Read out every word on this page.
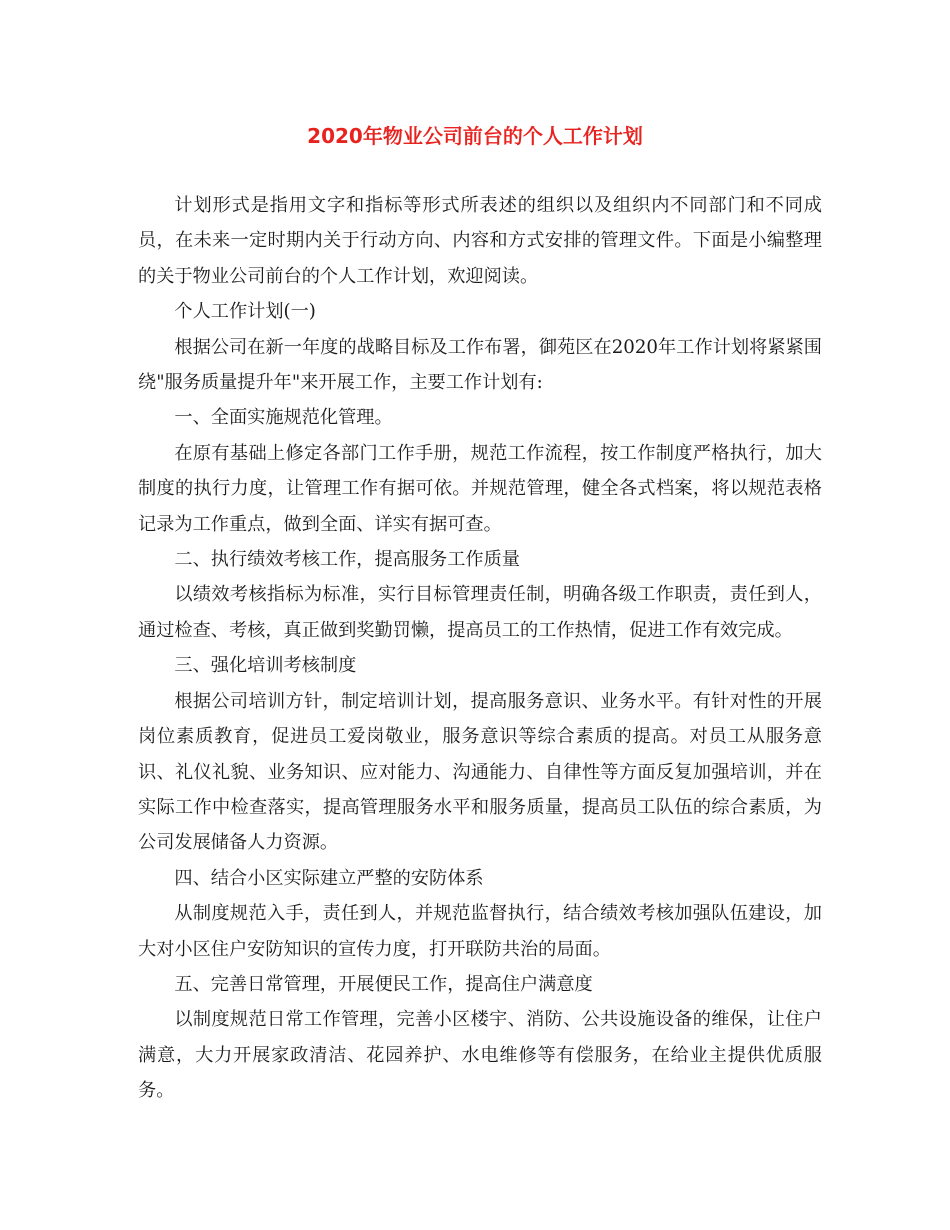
2020年物业公司前台的个人工作计划

计划形式是指用文字和指标等形式所表述的组织以及组织内不同部门和不同成员，在未来一定时期内关于行动方向、内容和方式安排的管理文件。下面是小编整理的关于物业公司前台的个人工作计划，欢迎阅读。

个人工作计划(一)

根据公司在新一年度的战略目标及工作布署，御苑区在2020年工作计划将紧紧围绕"服务质量提升年"来开展工作，主要工作计划有:

一、全面实施规范化管理。

在原有基础上修定各部门工作手册，规范工作流程，按工作制度严格执行，加大制度的执行力度，让管理工作有据可依。并规范管理，健全各式档案，将以规范表格记录为工作重点，做到全面、详实有据可查。

二、执行绩效考核工作，提高服务工作质量

以绩效考核指标为标准，实行目标管理责任制，明确各级工作职责，责任到人，通过检查、考核，真正做到奖勤罚懒，提高员工的工作热情，促进工作有效完成。

三、强化培训考核制度

根据公司培训方针，制定培训计划，提高服务意识、业务水平。有针对性的开展岗位素质教育，促进员工爱岗敬业，服务意识等综合素质的提高。对员工从服务意识、礼仪礼貌、业务知识、应对能力、沟通能力、自律性等方面反复加强培训，并在实际工作中检查落实，提高管理服务水平和服务质量，提高员工队伍的综合素质，为公司发展储备人力资源。

四、结合小区实际建立严整的安防体系

从制度规范入手，责任到人，并规范监督执行，结合绩效考核加强队伍建设，加大对小区住户安防知识的宣传力度，打开联防共治的局面。

五、完善日常管理，开展便民工作，提高住户满意度

以制度规范日常工作管理，完善小区楼宇、消防、公共设施设备的维保，让住户满意，大力开展家政清洁、花园养护、水电维修等有偿服务，在给业主提供优质服务。
